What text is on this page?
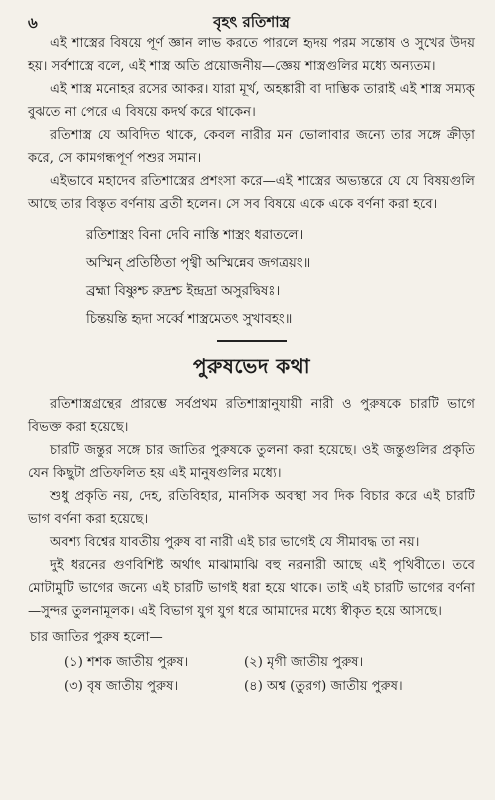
৬	বৃহৎ রতিশাস্ত্র

এই শাস্ত্রের বিষয়ে পূর্ণ জ্ঞান লাভ করতে পারলে হৃদয় পরম সন্তোষ ও সুখের উদয় হয়। সর্বশাস্ত্রে বলে, এই শাস্ত্র অতি প্রয়োজনীয়—জ্ঞেয় শাস্ত্রগুলির মধ্যে অন্যতম।

এই শাস্ত্র মনোহর রসের আকর। যারা মূর্খ, অহঙ্কারী বা দাম্ভিক তারাই এই শাস্ত্র সম্যক্ বুঝতে না পেরে এ বিষয়ে কদর্থ করে থাকেন।

রতিশাস্ত্র যে অবিদিত থাকে, কেবল নারীর মন ভোলাবার জন্যে তার সঙ্গে ক্রীড়া করে, সে কামগন্ধপূর্ণ পশুর সমান।

এইভাবে মহাদেব রতিশাস্ত্রের প্রশংসা করে—এই শাস্ত্রের অভ্যন্তরে যে যে বিষয়গুলি আছে তার বিস্তৃত বর্ণনায় ব্রতী হলেন। সে সব বিষয়ে একে একে বর্ণনা করা হবে।

রতিশাস্ত্রং বিনা দেবি নাস্তি শাস্ত্রং ধরাতলে।
অস্মিন্ প্রতিষ্ঠিতা পৃথ্বী অস্মিন্নেব জগত্রয়ং॥
ব্রহ্মা বিষ্ণুশ্চ রুদ্রশ্চ ইন্দ্রদ্রা অসুরদ্বিষঃ।
চিন্তয়ন্তি হৃদা সর্ব্বে শাস্ত্রমেতৎ সুখাবহং॥
পুরুষভেদ কথা

রতিশাস্ত্রগ্রন্থের প্রারম্ভে সর্বপ্রথম রতিশাস্ত্রানুযায়ী নারী ও পুরুষকে চারটি ভাগে বিভক্ত করা হয়েছে।

চারটি জন্তুর সঙ্গে চার জাতির পুরুষকে তুলনা করা হয়েছে। ওই জন্তুগুলির প্রকৃতি যেন কিছুটা প্রতিফলিত হয় এই মানুষগুলির মধ্যে।

শুধু প্রকৃতি নয়, দেহ, রতিবিহার, মানসিক অবস্থা সব দিক বিচার করে এই চারটি ভাগ বর্ণনা করা হয়েছে।

অবশ্য বিশ্বের যাবতীয় পুরুষ বা নারী এই চার ভাগেই যে সীমাবদ্ধ তা নয়।

দুই ধরনের গুণবিশিষ্ট অর্থাৎ মাঝামাঝি বহু নরনারী আছে এই পৃথিবীতে। তবে মোটামুটি ভাগের জন্যে এই চারটি ভাগই ধরা হয়ে থাকে। তাই এই চারটি ভাগের বর্ণনা—সুন্দর তুলনামূলক। এই বিভাগ যুগ যুগ ধরে আমাদের মধ্যে স্বীকৃত হয়ে আসছে।

চার জাতির পুরুষ হলো—
(১) শশক জাতীয় পুরুষ।	(২) মৃগী জাতীয় পুরুষ।
(৩) বৃষ জাতীয় পুরুষ।	(৪) অশ্ব (তুরগ) জাতীয় পুরুষ।
